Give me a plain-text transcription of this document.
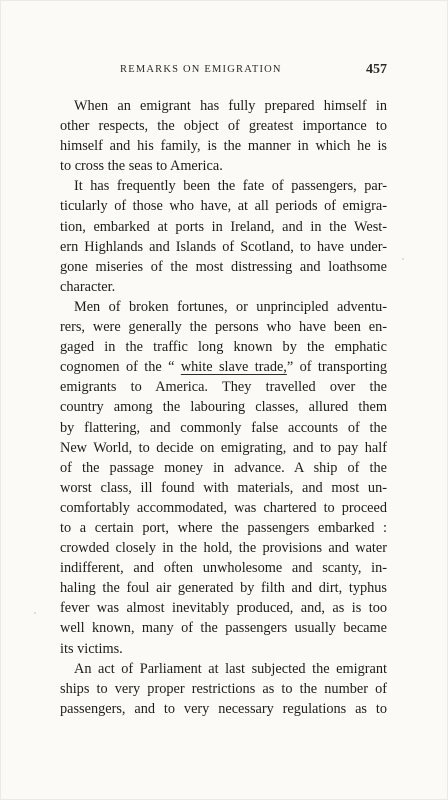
REMARKS ON EMIGRATION	457

When an emigrant has fully prepared himself in
other respects, the object of greatest importance to
himself and his family, is the manner in which he is
to cross the seas to America.

It has frequently been the fate of passengers, par-
ticularly of those who have, at all periods of emigra-
tion, embarked at ports in Ireland, and in the West-
ern Highlands and Islands of Scotland, to have under-
gone miseries of the most distressing and loathsome
character.

Men of broken fortunes, or unprincipled adventu-
rers, were generally the persons who have been en-
gaged in the traffic long known by the emphatic
cognomen of the “ white slave trade,” of transporting
emigrants to America. They travelled over the
country among the labouring classes, allured them
by flattering, and commonly false accounts of the
New World, to decide on emigrating, and to pay half
of the passage money in advance. A ship of the
worst class, ill found with materials, and most un-
comfortably accommodated, was chartered to proceed
to a certain port, where the passengers embarked :
crowded closely in the hold, the provisions and water
indifferent, and often unwholesome and scanty, in-
haling the foul air generated by filth and dirt, typhus
fever was almost inevitably produced, and, as is too
well known, many of the passengers usually became
its victims.

An act of Parliament at last subjected the emigrant
ships to very proper restrictions as to the number of
passengers, and to very necessary regulations as to
